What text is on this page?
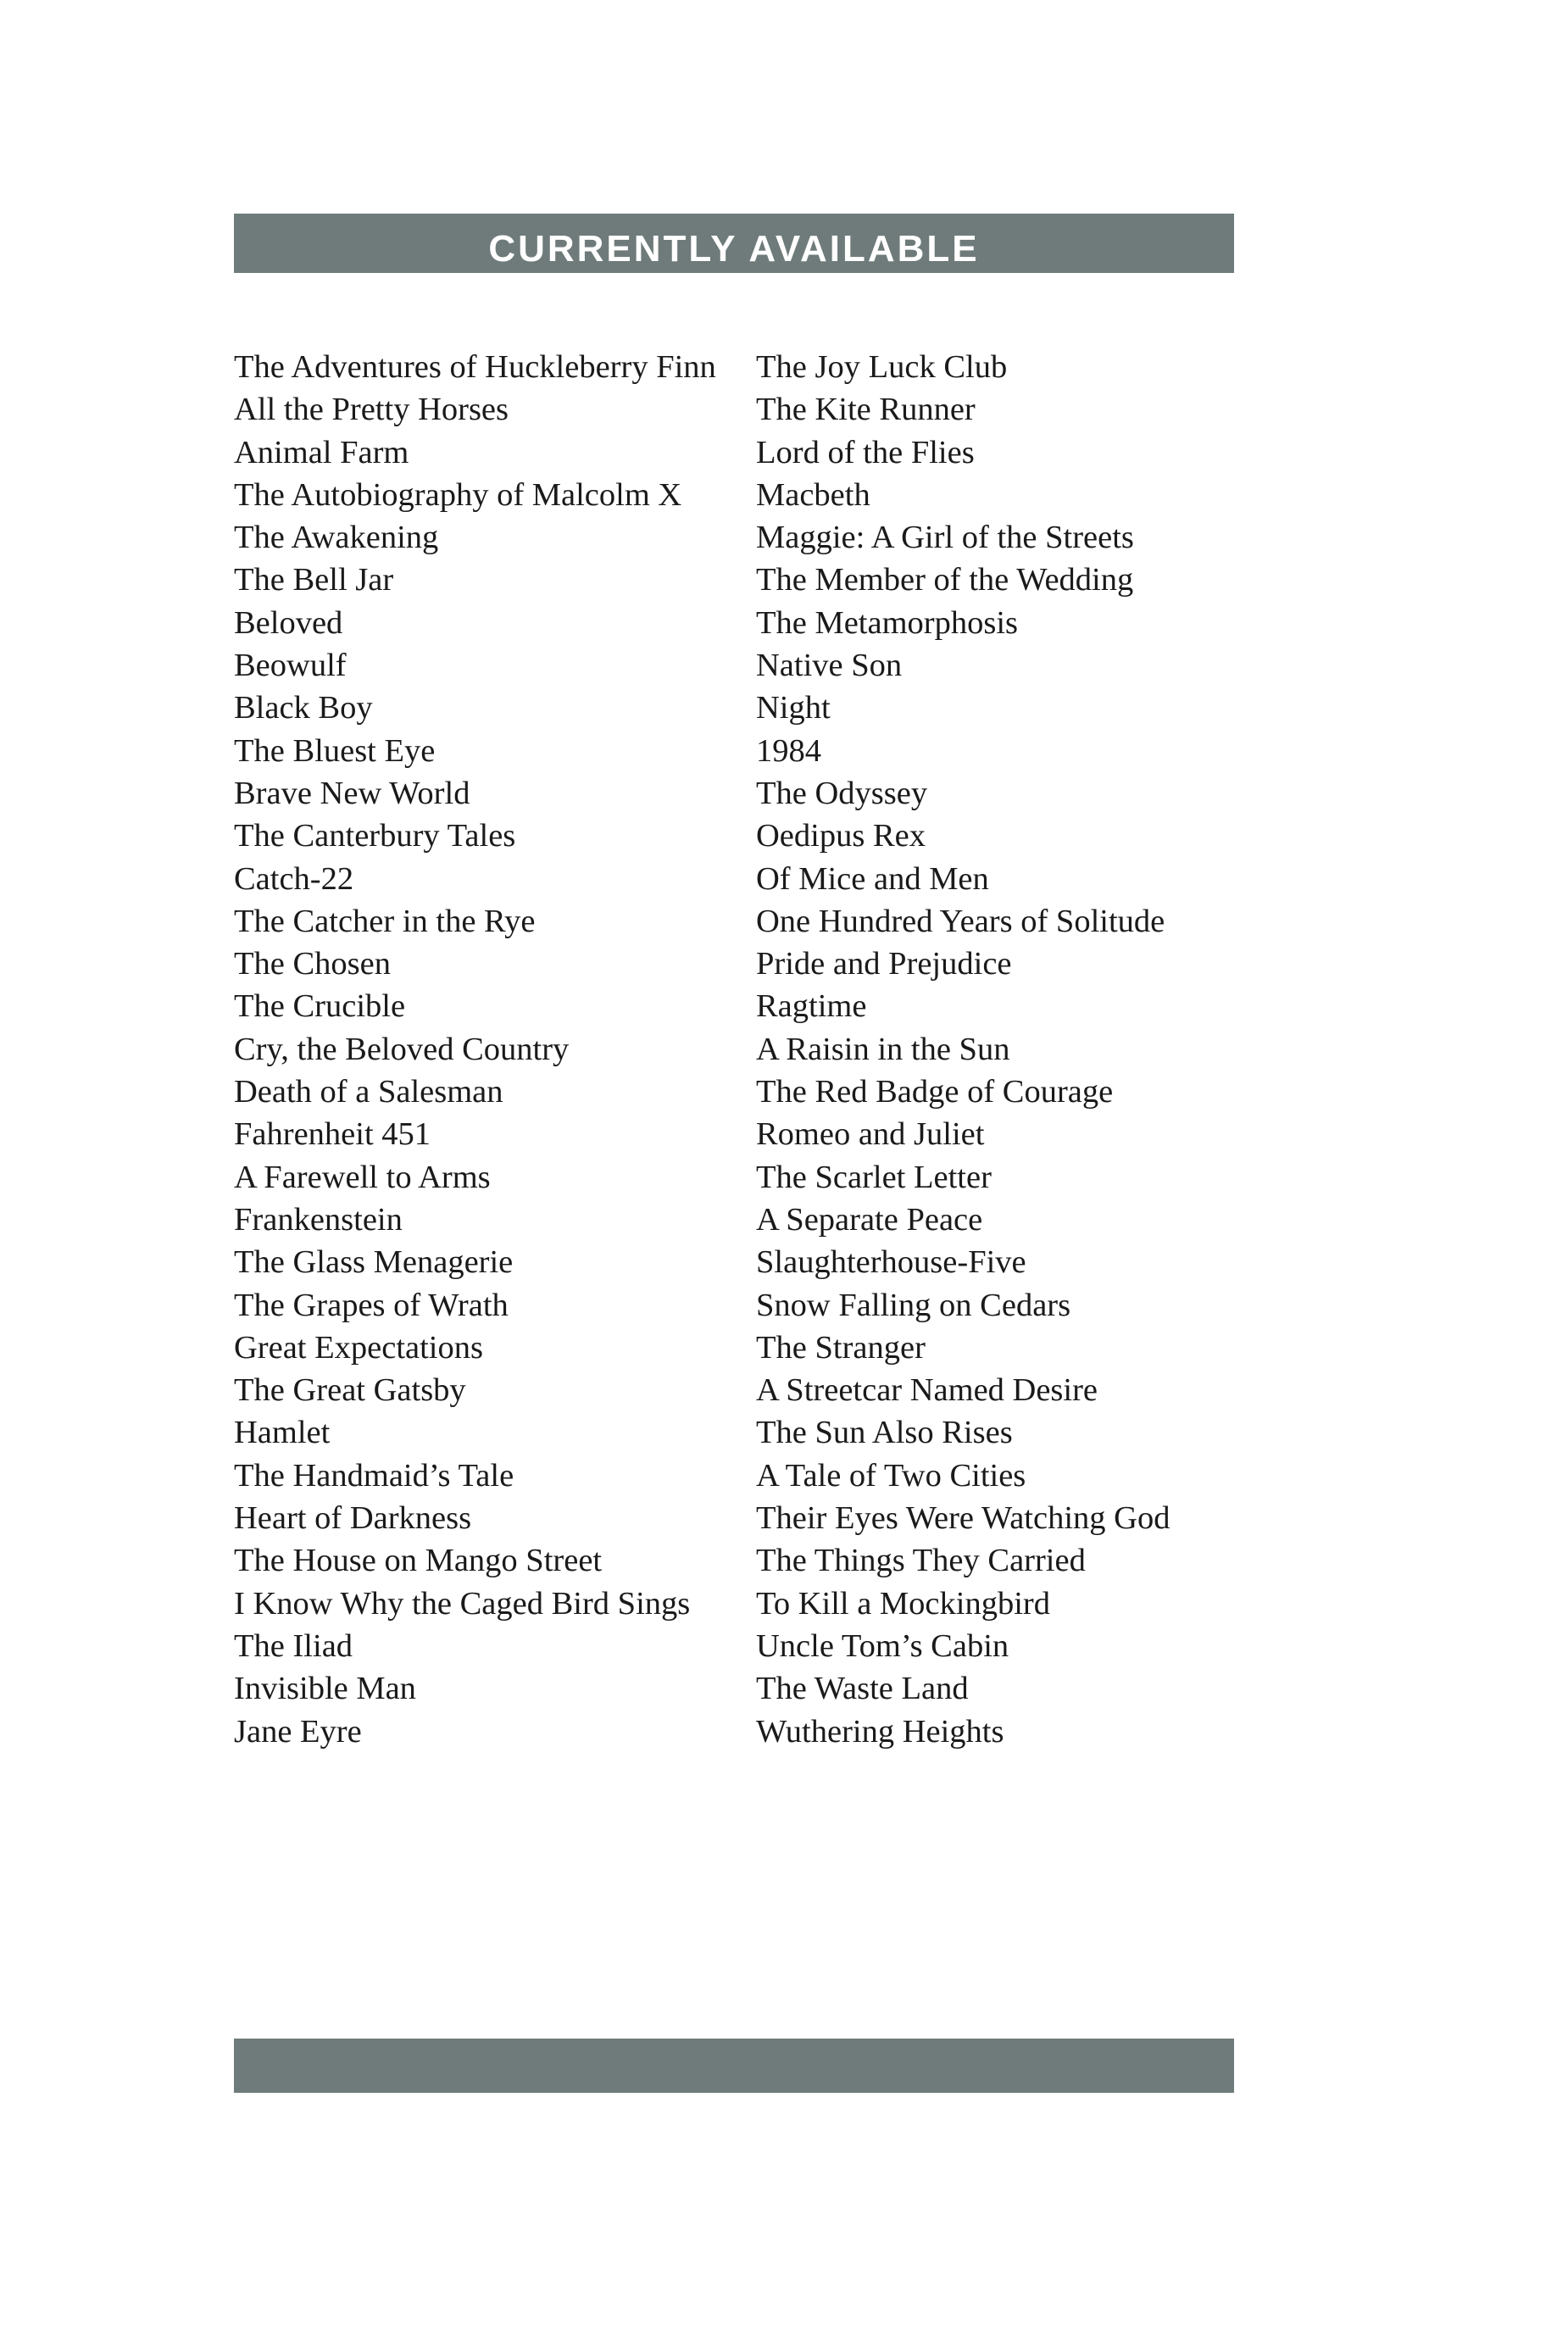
CURRENTLY AVAILABLE
The Adventures of Huckleberry Finn
All the Pretty Horses
Animal Farm
The Autobiography of Malcolm X
The Awakening
The Bell Jar
Beloved
Beowulf
Black Boy
The Bluest Eye
Brave New World
The Canterbury Tales
Catch-22
The Catcher in the Rye
The Chosen
The Crucible
Cry, the Beloved Country
Death of a Salesman
Fahrenheit 451
A Farewell to Arms
Frankenstein
The Glass Menagerie
The Grapes of Wrath
Great Expectations
The Great Gatsby
Hamlet
The Handmaid’s Tale
Heart of Darkness
The House on Mango Street
I Know Why the Caged Bird Sings
The Iliad
Invisible Man
Jane Eyre
The Joy Luck Club
The Kite Runner
Lord of the Flies
Macbeth
Maggie: A Girl of the Streets
The Member of the Wedding
The Metamorphosis
Native Son
Night
1984
The Odyssey
Oedipus Rex
Of Mice and Men
One Hundred Years of Solitude
Pride and Prejudice
Ragtime
A Raisin in the Sun
The Red Badge of Courage
Romeo and Juliet
The Scarlet Letter
A Separate Peace
Slaughterhouse-Five
Snow Falling on Cedars
The Stranger
A Streetcar Named Desire
The Sun Also Rises
A Tale of Two Cities
Their Eyes Were Watching God
The Things They Carried
To Kill a Mockingbird
Uncle Tom’s Cabin
The Waste Land
Wuthering Heights
